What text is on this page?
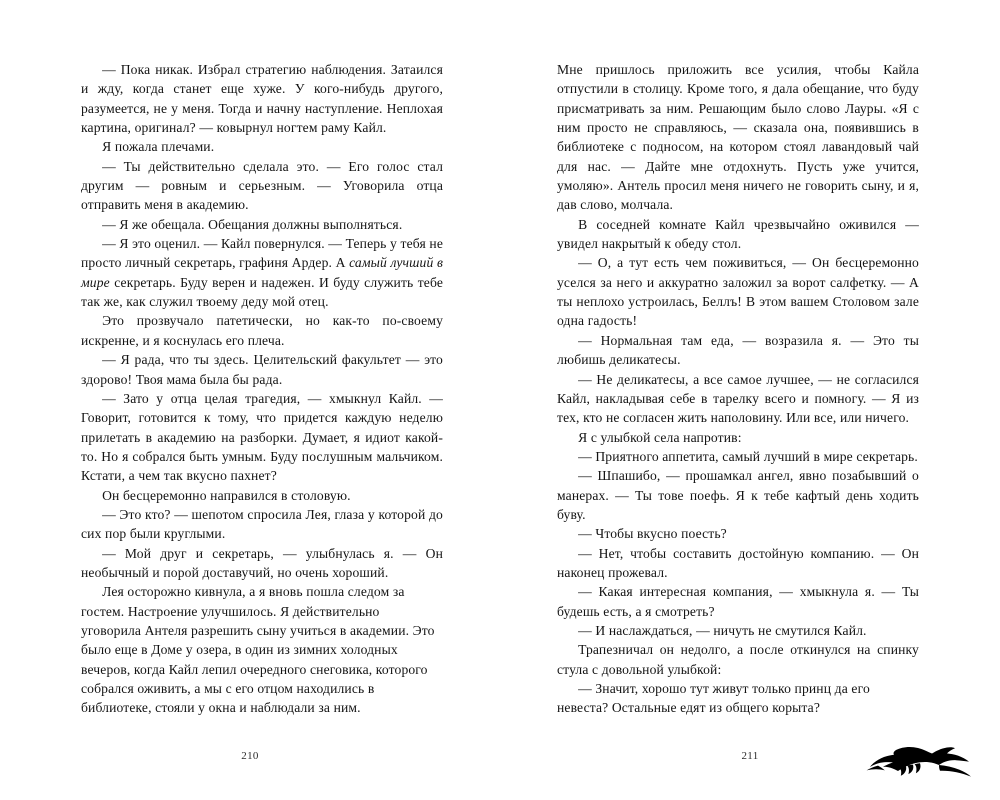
— Пока никак. Избрал стратегию наблюдения. Затаился и жду, когда станет еще хуже. У кого-нибудь другого, разумеется, не у меня. Тогда и начну наступление. Неплохая картина, оригинал? — ковырнул ногтем раму Кайл.

Я пожала плечами.

— Ты действительно сделала это. — Его голос стал другим — ровным и серьезным. — Уговорила отца отправить меня в академию.

— Я же обещала. Обещания должны выполняться.

— Я это оценил. — Кайл повернулся. — Теперь у тебя не просто личный секретарь, графиня Ардер. А самый лучший в мире секретарь. Буду верен и надежен. И буду служить тебе так же, как служил твоему деду мой отец.

Это прозвучало патетически, но как-то по-своему искренне, и я коснулась его плеча.

— Я рада, что ты здесь. Целительский факультет — это здорово! Твоя мама была бы рада.

— Зато у отца целая трагедия, — хмыкнул Кайл. — Говорит, готовится к тому, что придется каждую неделю прилетать в академию на разборки. Думает, я идиот какой-то. Но я собрался быть умным. Буду послушным мальчиком. Кстати, а чем так вкусно пахнет?

Он бесцеремонно направился в столовую.

— Это кто? — шепотом спросила Лея, глаза у которой до сих пор были круглыми.

— Мой друг и секретарь, — улыбнулась я. — Он необычный и порой доставучий, но очень хороший.

Лея осторожно кивнула, а я вновь пошла следом за гостем. Настроение улучшилось. Я действительно уговорила Антеля разрешить сыну учиться в академии. Это было еще в Доме у озера, в один из зимних холодных вечеров, когда Кайл лепил очередного снеговика, которого собрался оживить, а мы с его отцом находились в библиотеке, стояли у окна и наблюдали за ним.

210

Мне пришлось приложить все усилия, чтобы Кайла отпустили в столицу. Кроме того, я дала обещание, что буду присматривать за ним. Решающим было слово Лауры. «Я с ним просто не справляюсь, — сказала она, появившись в библиотеке с подносом, на котором стоял лавандовый чай для нас. — Дайте мне отдохнуть. Пусть уже учится, умоляю». Антель просил меня ничего не говорить сыну, и я, дав слово, молчала.

В соседней комнате Кайл чрезвычайно оживился — увидел накрытый к обеду стол.

— О, а тут есть чем поживиться, — Он бесцеремонно уселся за него и аккуратно заложил за ворот салфетку. — А ты неплохо устроилась, Беллъ! В этом вашем Столовом зале одна гадость!

— Нормальная там еда, — возразила я. — Это ты любишь деликатесы.

— Не деликатесы, а все самое лучшее, — не согласился Кайл, накладывая себе в тарелку всего и помногу. — Я из тех, кто не согласен жить наполовину. Или все, или ничего.

Я с улыбкой села напротив:

— Приятного аппетита, самый лучший в мире секретарь.

— Шпашибо, — прошамкал ангел, явно позабывший о манерах. — Ты тове поефь. Я к тебе кафтый день ходить буву.

— Чтобы вкусно поесть?

— Нет, чтобы составить достойную компанию. — Он наконец прожевал.

— Какая интересная компания, — хмыкнула я. — Ты будешь есть, а я смотреть?

— И наслаждаться, — ничуть не смутился Кайл.

Трапезничал он недолго, а после откинулся на спинку стула с довольной улыбкой:

— Значит, хорошо тут живут только принц да его невеста? Остальные едят из общего корыта?

211
